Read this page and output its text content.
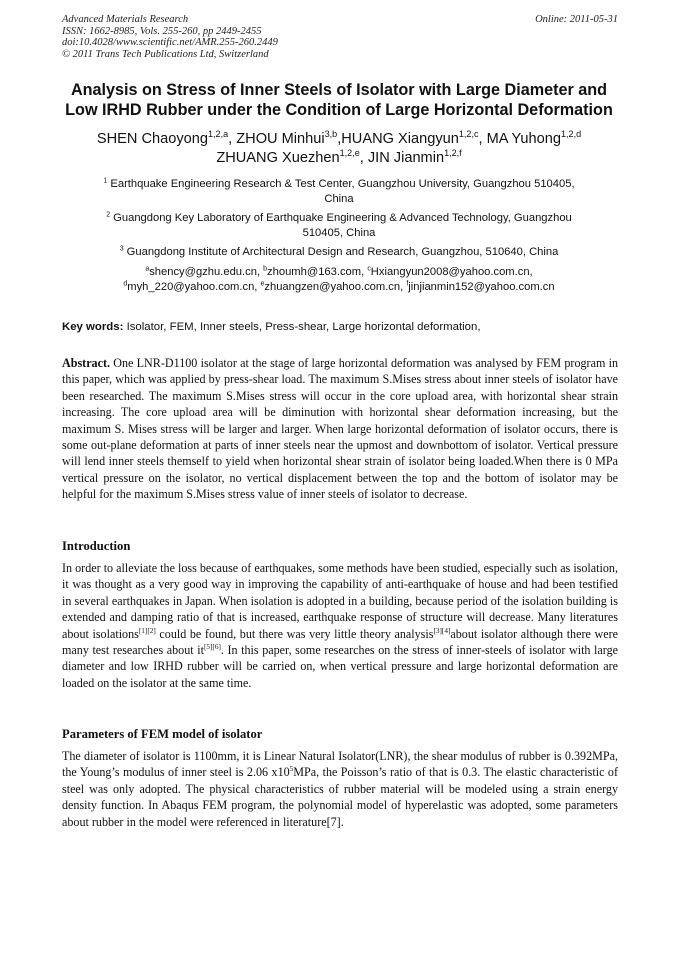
Advanced Materials Research
ISSN: 1662-8985, Vols. 255-260, pp 2449-2455
doi:10.4028/www.scientific.net/AMR.255-260.2449
© 2011 Trans Tech Publications Ltd, Switzerland
Online: 2011-05-31
Analysis on Stress of Inner Steels of Isolator with Large Diameter and
Low IRHD Rubber under the Condition of Large Horizontal Deformation
SHEN Chaoyong$^{1,2,a}$, ZHOU Minhui$^{3,b}$,HUANG Xiangyun$^{1,2,c}$, MA Yuhong$^{1,2,d}$
ZHUANG Xuezhen$^{1,2,e}$, JIN Jianmin$^{1,2,f}$
$^1$ Earthquake Engineering Research & Test Center, Guangzhou University, Guangzhou 510405,
China
$^2$ Guangdong Key Laboratory of Earthquake Engineering & Advanced Technology, Guangzhou
510405, China
$^3$ Guangdong Institute of Architectural Design and Research, Guangzhou, 510640, China
$^a$shency@gzhu.edu.cn, $^b$zhoumh@163.com, $^c$Hxiangyun2008@yahoo.com.cn,
$^d$myh_220@yahoo.com.cn, $^e$zhuangzen@yahoo.com.cn, $^f$jinjianmin152@yahoo.com.cn
Key words: Isolator, FEM, Inner steels, Press-shear, Large horizontal deformation,
Abstract. One LNR-D1100 isolator at the stage of large horizontal deformation was analysed by FEM program in this paper, which was applied by press-shear load. The maximum S.Mises stress about inner steels of isolator have been researched. The maximum S.Mises stress will occur in the core upload area, with horizontal shear strain increasing. The core upload area will be diminution with horizontal shear deformation increasing, but the maximum S. Mises stress will be larger and larger. When large horizontal deformation of isolator occurs, there is some out-plane deformation at parts of inner steels near the upmost and downbottom of isolator. Vertical pressure will lend inner steels themself to yield when horizontal shear strain of isolator being loaded.When there is 0 MPa vertical pressure on the isolator, no vertical displacement between the top and the bottom of isolator may be helpful for the maximum S.Mises stress value of inner steels of isolator to decrease.
Introduction
In order to alleviate the loss because of earthquakes, some methods have been studied, especially such as isolation, it was thought as a very good way in improving the capability of anti-earthquake of house and had been testified in several earthquakes in Japan. When isolation is adopted in a building, because period of the isolation building is extended and damping ratio of that is increased, earthquake response of structure will decrease. Many literatures about isolations[1][2] could be found, but there was very little theory analysis[3][4]about isolator although there were many test researches about it[5][6]. In this paper, some researches on the stress of inner-steels of isolator with large diameter and low IRHD rubber will be carried on, when vertical pressure and large horizontal deformation are loaded on the isolator at the same time.
Parameters of FEM model of isolator
The diameter of isolator is 1100mm, it is Linear Natural Isolator(LNR), the shear modulus of rubber is 0.392MPa, the Young’s modulus of inner steel is 2.06 $x10^5MPa$, the Poisson’s ratio of that is 0.3. The elastic characteristic of steel was only adopted. The physical characteristics of rubber material will be modeled using a strain energy density function. In Abaqus FEM program, the polynomial model of hyperelastic was adopted, some parameters about rubber in the model were referenced in literature[7].
